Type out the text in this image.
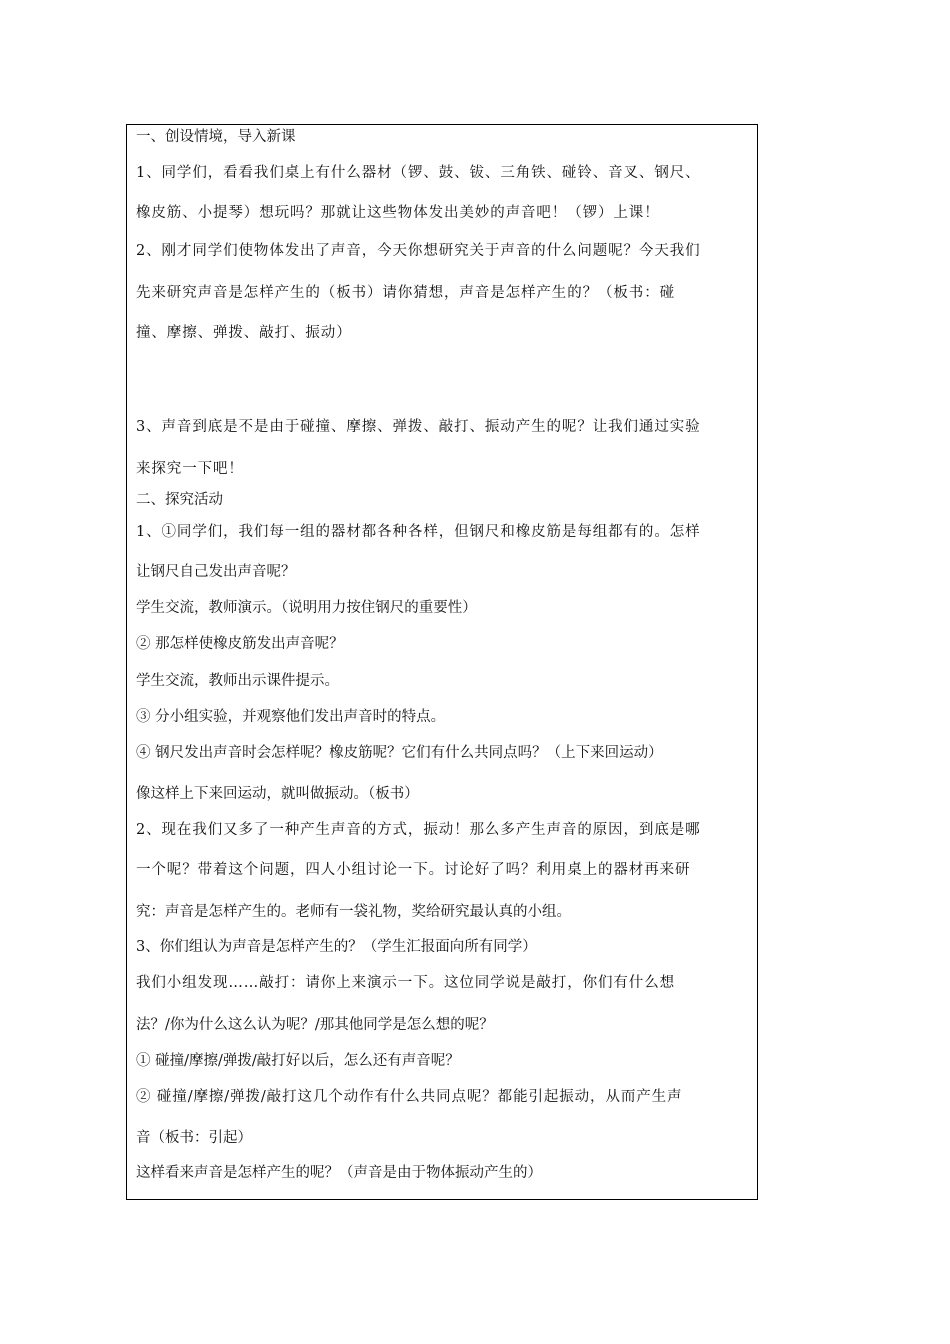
一、创设情境，导入新课
1、同学们，看看我们桌上有什么器材（锣、鼓、钹、三角铁、碰铃、音叉、钢尺、
橡皮筋、小提琴）想玩吗？那就让这些物体发出美妙的声音吧！（锣）上课！
2、刚才同学们使物体发出了声音，今天你想研究关于声音的什么问题呢？今天我们
先来研究声音是怎样产生的（板书）请你猜想，声音是怎样产生的？（板书：碰
撞、摩擦、弹拨、敲打、振动）
3、声音到底是不是由于碰撞、摩擦、弹拨、敲打、振动产生的呢？让我们通过实验
来探究一下吧！
二、探究活动
1、①同学们，我们每一组的器材都各种各样，但钢尺和橡皮筋是每组都有的。怎样
让钢尺自己发出声音呢？
学生交流，教师演示。（说明用力按住钢尺的重要性）
② 那怎样使橡皮筋发出声音呢？
学生交流，教师出示课件提示。
③ 分小组实验，并观察他们发出声音时的特点。
④ 钢尺发出声音时会怎样呢？橡皮筋呢？它们有什么共同点吗？（上下来回运动）
像这样上下来回运动，就叫做振动。（板书）
2、现在我们又多了一种产生声音的方式，振动！那么多产生声音的原因，到底是哪
一个呢？带着这个问题，四人小组讨论一下。讨论好了吗？利用桌上的器材再来研
究：声音是怎样产生的。老师有一袋礼物，奖给研究最认真的小组。
3、你们组认为声音是怎样产生的？（学生汇报面向所有同学）
我们小组发现……敲打：请你上来演示一下。这位同学说是敲打，你们有什么想
法？/你为什么这么认为呢？/那其他同学是怎么想的呢？
① 碰撞/摩擦/弹拨/敲打好以后，怎么还有声音呢？
② 碰撞/摩擦/弹拨/敲打这几个动作有什么共同点呢？都能引起振动，从而产生声
音（板书：引起）
这样看来声音是怎样产生的呢？（声音是由于物体振动产生的）
